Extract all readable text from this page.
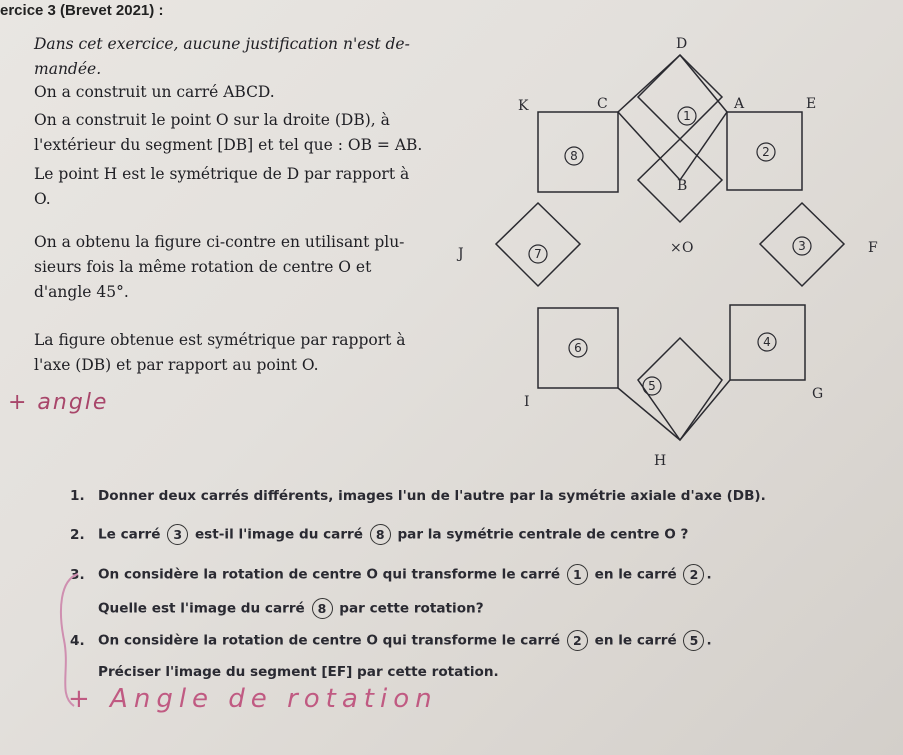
ercice 3 (Brevet 2021) :
Dans cet exercice, aucune justification n'est de-
mandée.
On a construit un carré ABCD.
On a construit le point O sur la droite (DB), à
l'extérieur du segment [DB] et tel que : OB = AB.
Le point H est le symétrique de D par rapport à
O.
On a obtenu la figure ci-contre en utilisant plu-
sieurs fois la même rotation de centre O et
d'angle 45°.
La figure obtenue est symétrique par rapport à
l'axe (DB) et par rapport au point O.
+ angle
D
C
K	A	E
B
O
×
J	F
I	G
H
1
2
3
4
5
6
7
8
1. Donner deux carrés différents, images l'un de l'autre par la symétrie axiale d'axe (DB).
2. Le carré 3 est-il l'image du carré 8 par la symétrie centrale de centre O ?
3. On considère la rotation de centre O qui transforme le carré 1 en le carré 2 .
Quelle est l'image du carré 8 par cette rotation?
4. On considère la rotation de centre O qui transforme le carré 2 en le carré 5 .
Préciser l'image du segment [EF] par cette rotation.
+ Angle de rotation
